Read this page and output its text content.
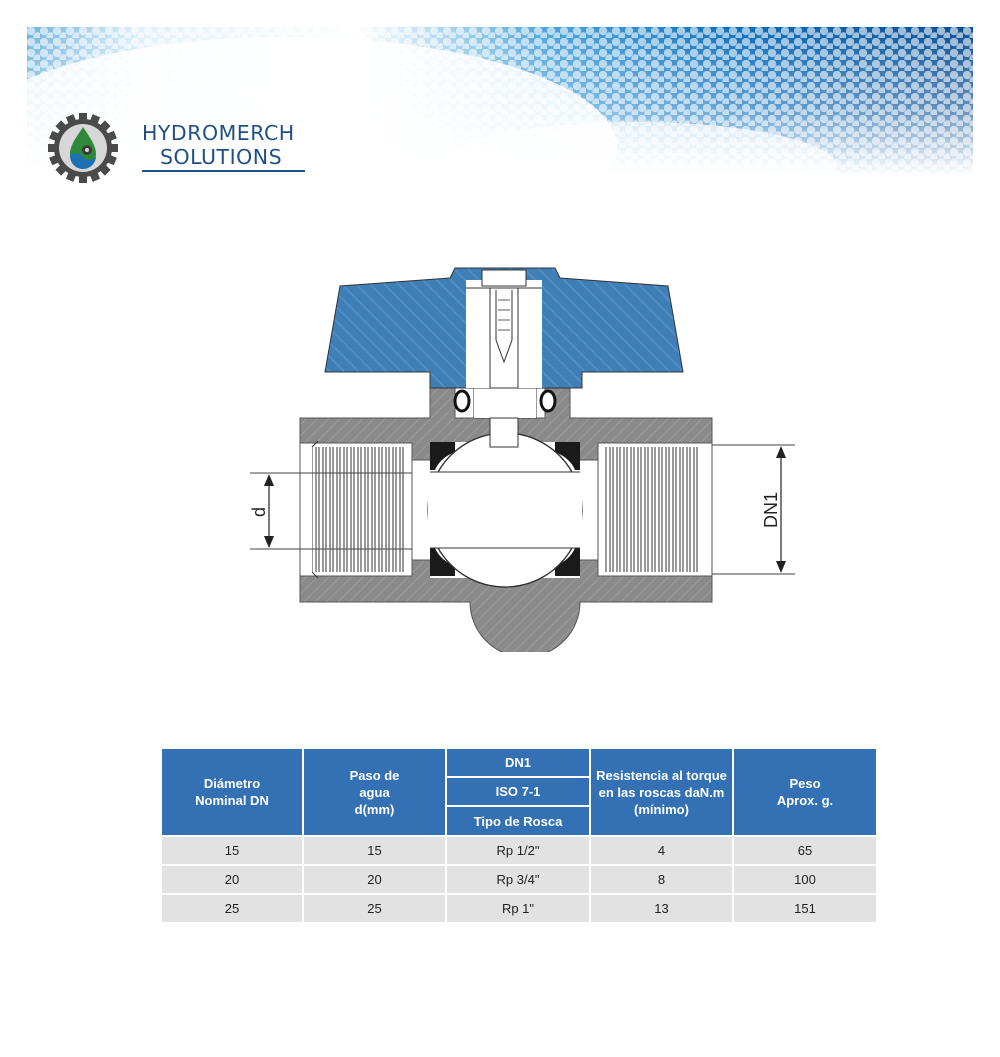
HYDROMERCH
SOLUTIONS
d	DN1
Diámetro Nominal DN	Paso de agua d(mm)	DN1	Resistencia al torque en las roscas daN.m (mínimo)	Peso Aprox. g.

		ISO 7-1		
		Tipo de Rosca		
15	15	Rp 1/2"	4	65
20	20	Rp 3/4"	8	100
25	25	Rp 1"	13	151
